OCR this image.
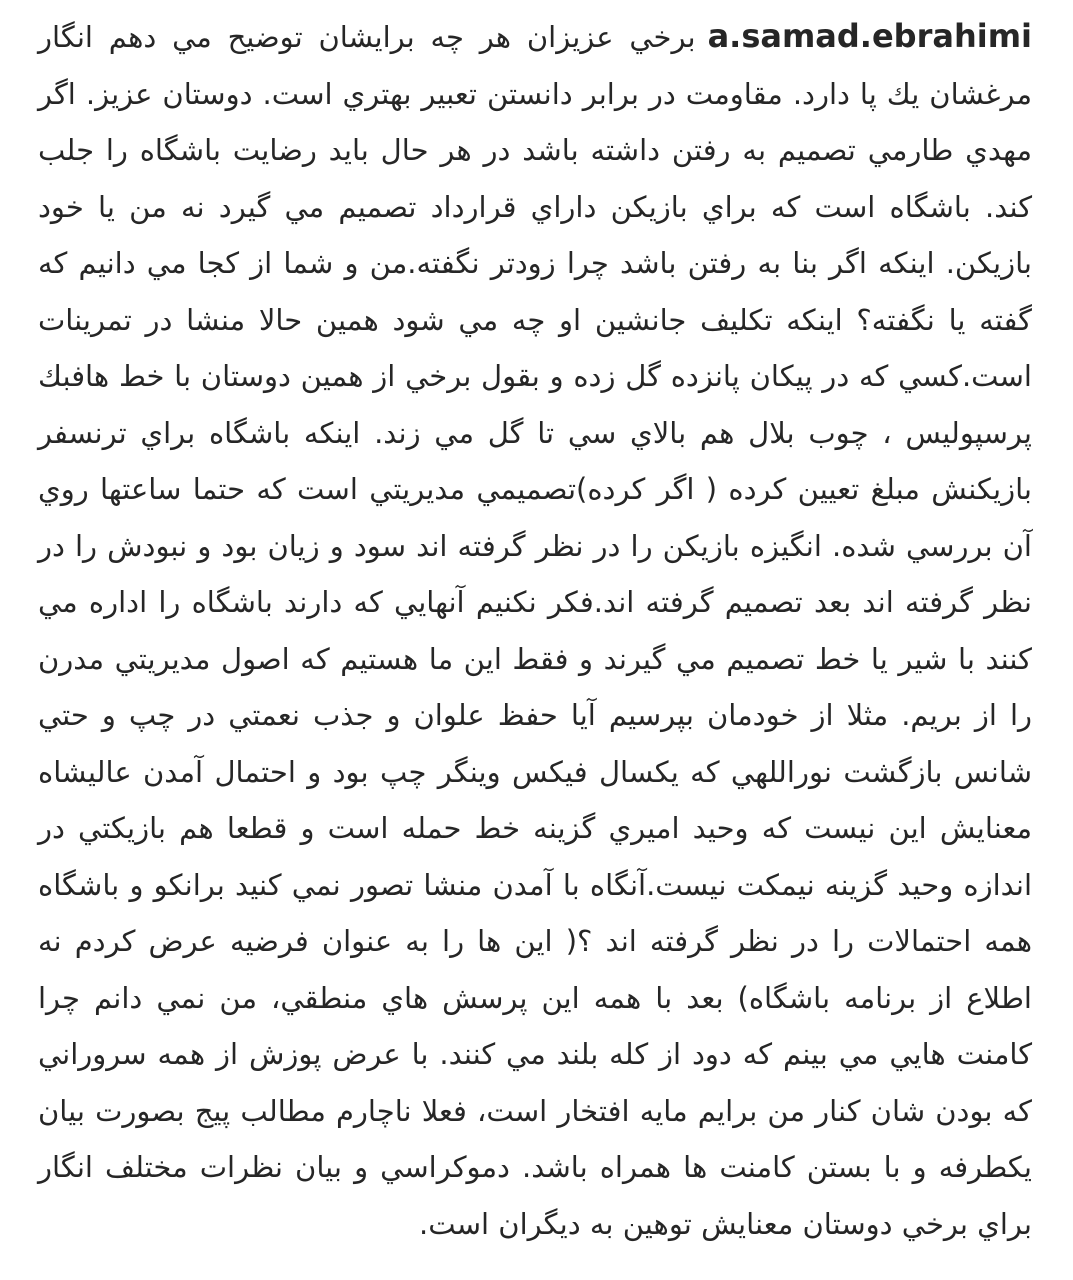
a.samad.ebrahimiبرخي عزيزان هر چه برايشان توضيح مي دهم انگار مرغشان يك پا دارد. مقاومت در برابر دانستن تعبير بهتري است. دوستان عزيز. اگر مهدي طارمي تصميم به رفتن داشته باشد در هر حال بايد رضايت باشگاه را جلب كند. باشگاه است كه براي بازيكن داراي قرارداد تصميم مي گيرد نه من يا خود بازيكن. اينكه اگر بنا به رفتن باشد چرا زودتر نگفته.من و شما از كجا مي دانيم كه گفته يا نگفته؟ اينكه تكليف جانشين او چه مي شود همين حالا منشا در تمرينات است.كسي كه در پيكان پانزده گل زده و بقول برخي از همين دوستان با خط هافبك پرسپوليس ، چوب بلال هم بالاي سي تا گل مي زند. اينكه باشگاه براي ترنسفر بازيكنش مبلغ تعيين كرده ( اگر كرده)تصميمي مديريتي است كه حتما ساعتها روي آن بررسي شده. انگيزه بازيكن را در نظر گرفته اند سود و زيان بود و نبودش را در نظر گرفته اند بعد تصميم گرفته اند.فكر نكنيم آنهايي كه دارند باشگاه را اداره مي كنند با شير يا خط تصميم مي گيرند و فقط اين ما هستيم كه اصول مديريتي مدرن را از بريم. مثلا از خودمان بپرسيم آيا حفظ علوان و جذب نعمتي در چپ و حتي شانس بازگشت نوراللهي كه يكسال فيكس وينگر چپ بود و احتمال آمدن عاليشاه معنايش اين نيست كه وحيد اميري گزينه خط حمله است و قطعا هم بازيكتي در اندازه وحيد گزينه نيمكت نيست.آنگاه با آمدن منشا تصور نمي كنيد برانكو و باشگاه همه احتمالات را در نظر گرفته اند ؟( اين ها را به عنوان فرضيه عرض كردم نه اطلاع از برنامه باشگاه) بعد با همه اين پرسش هاي منطقي، من نمي دانم چرا كامنت هايي مي بينم كه دود از كله بلند مي كنند. با عرض پوزش از همه سروراني كه بودن شان كنار من برايم مايه افتخار است، فعلا ناچارم مطالب پيج بصورت بيان يكطرفه و با بستن كامنت ها همراه باشد. دموكراسي و بيان نظرات مختلف انگار براي برخي دوستان معنايش توهين به ديگران است.
